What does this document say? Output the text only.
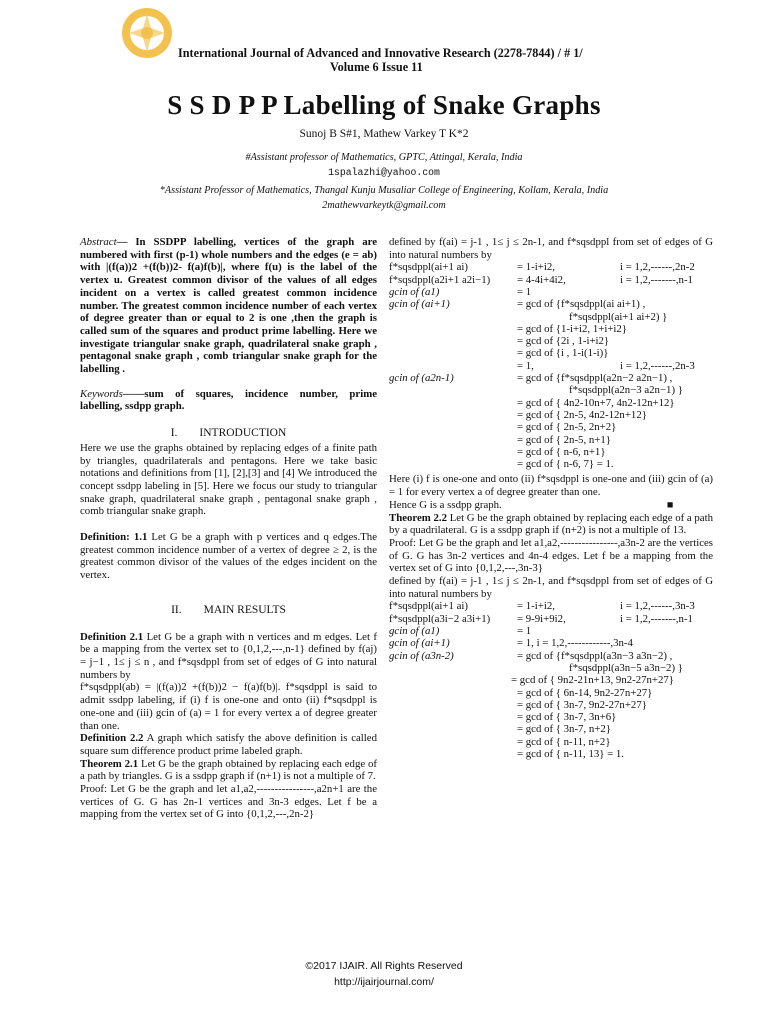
International Journal of Advanced and Innovative Research (2278-7844) / # 1/
Volume 6 Issue 11
S S D P P Labelling of Snake Graphs
Sunoj B S#1, Mathew Varkey T K*2
#Assistant professor of Mathematics, GPTC, Attingal, Kerala, India
1spalazhi@yahoo.com
*Assistant Professor of Mathematics, Thangal Kunju Musaliar College of Engineering, Kollam, Kerala, India
2mathewvarkeytk@gmail.com

Abstract— In SSDPP labelling, vertices of the graph are numbered with first (p-1) whole numbers and the edges (e = ab) with |(f(a))2 +(f(b))2- f(a)f(b)|, where f(u) is the label of the vertex u. Greatest common divisor of the values of all edges incident on a vertex is called greatest common incidence number. The greatest common incidence number of each vertex of degree greater than or equal to 2 is one ,then the graph is called sum of the squares and product prime labelling. Here we investigate triangular snake graph, quadrilateral snake graph , pentagonal snake graph , comb triangular snake graph for the labelling .

Keywords——sum of squares, incidence number, prime labelling, ssdpp graph.

I. INTRODUCTION

Here we use the graphs obtained by replacing edges of a finite path by triangles, quadrilaterals and pentagons. Here we take basic notations and definitions from [1], [2],[3] and [4] We introduced the concept ssdpp labeling in [5]. Here we focus our study to triangular snake graph, quadrilateral snake graph , pentagonal snake graph , comb triangular snake graph.

Definition: 1.1 Let G be a graph with p vertices and q edges.The greatest common incidence number of a vertex of degree ≥ 2, is the greatest common divisor of the values of the edges incident on the vertex.

II. MAIN RESULTS

Definition 2.1 Let G be a graph with n vertices and m edges. Let f be a mapping from the vertex set to {0,1,2,---,n-1} defined by f(aj) = j−1 , 1≤ j ≤ n , and f*sqsdppl from set of edges of G into natural numbers by

f*sqsdppl(ab) = |(f(a))2 +(f(b))2 − f(a)f(b)|. f*sqsdppl is said to admit ssdpp labeling, if (i) f is one-one and onto (ii) f*sqsdppl is one-one and (iii) gcin of (a) = 1 for every vertex a of degree greater than one.

Definition 2.2 A graph which satisfy the above definition is called square sum difference product prime labeled graph.

Theorem 2.1 Let G be the graph obtained by replacing each edge of a path by triangles. G is a ssdpp graph if (n+1) is not a multiple of 7.

Proof: Let G be the graph and let a1,a2,----------------,a2n+1 are the vertices of G. G has 2n-1 vertices and 3n-3 edges. Let f be a mapping from the vertex set of G into {0,1,2,---,2n-2}

defined by f(ai) = j-1 , 1≤ j ≤ 2n-1, and f*sqsdppl from set of edges of G into natural numbers by

f*sqsdppl(ai+1 ai)	= 1-i+i2,	i = 1,2,------,2n-2
f*sqsdppl(a2i+1 a2i−1)	= 4-4i+4i2,	i = 1,2,-------,n-1
gcin of (a1)	= 1
gcin of (ai+1)	= gcd of {f*sqsdppl(ai ai+1) ,
f*sqsdppl(ai+1 ai+2) }
= gcd of {1-i+i2, 1+i+i2}
= gcd of {2i , 1-i+i2}
= gcd of {i , 1-i(1-i)}
= 1,	i = 1,2,------,2n-3
gcin of (a2n-1)	= gcd of {f*sqsdppl(a2n−2 a2n−1) ,
f*sqsdppl(a2n−3 a2n−1) }
= gcd of { 4n2-10n+7, 4n2-12n+12}
= gcd of { 2n-5, 4n2-12n+12}
= gcd of { 2n-5, 2n+2}
= gcd of { 2n-5, n+1}
= gcd of { n-6, n+1}
= gcd of { n-6, 7} = 1.

Here (i) f is one-one and onto (ii) f*sqsdppl is one-one and (iii) gcin of (a) = 1 for every vertex a of degree greater than one.

Hence G is a ssdpp graph.	■

Theorem 2.2 Let G be the graph obtained by replacing each edge of a path by a quadrilateral. G is a ssdpp graph if (n+2) is not a multiple of 13.

Proof: Let G be the graph and let a1,a2,----------------,a3n-2 are the vertices of G. G has 3n-2 vertices and 4n-4 edges. Let f be a mapping from the vertex set of G into {0,1,2,---,3n-3}

defined by f(ai) = j-1 , 1≤ j ≤ 2n-1, and f*sqsdppl from set of edges of G into natural numbers by

f*sqsdppl(ai+1 ai)	= 1-i+i2,	i = 1,2,------,3n-3
f*sqsdppl(a3i−2 a3i+1)	= 9-9i+9i2,	i = 1,2,-------,n-1
gcin of (a1)	= 1
gcin of (ai+1)	= 1, i = 1,2,------------,3n-4
gcin of (a3n-2)	= gcd of {f*sqsdppl(a3n−3 a3n−2) ,
f*sqsdppl(a3n−5 a3n−2) }
= gcd of { 9n2-21n+13, 9n2-27n+27}
= gcd of { 6n-14, 9n2-27n+27}
= gcd of { 3n-7, 9n2-27n+27}
= gcd of { 3n-7, 3n+6}
= gcd of { 3n-7, n+2}
= gcd of { n-11, n+2}
= gcd of { n-11, 13} = 1.
©2017 IJAIR. All Rights Reserved
http://ijairjournal.com/
